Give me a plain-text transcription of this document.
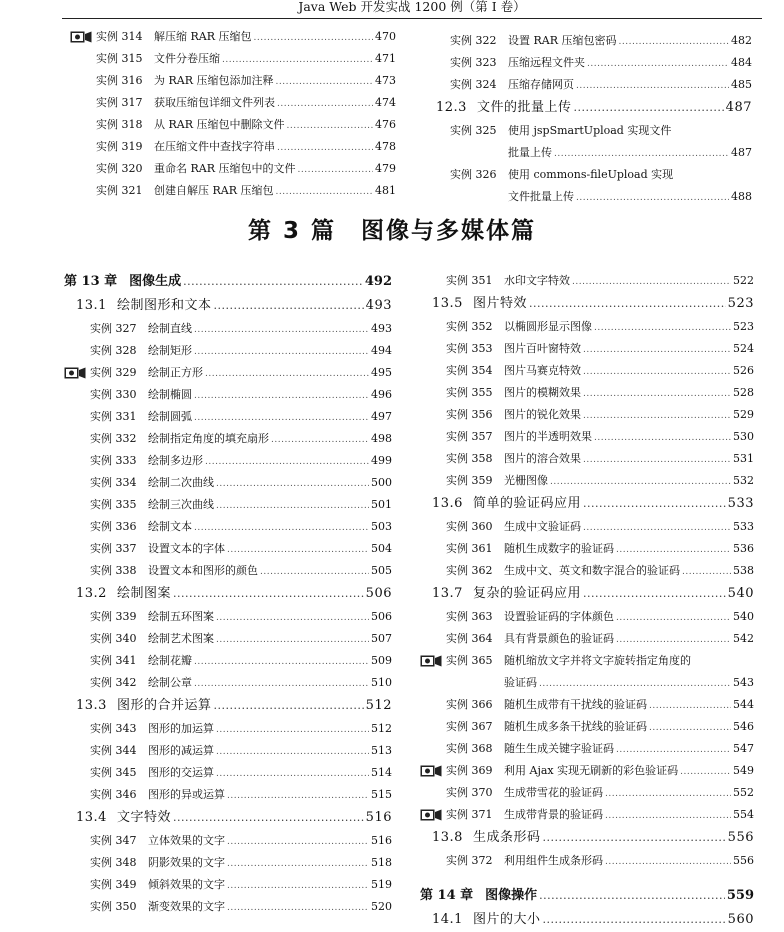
Java Web 开发实战 1200 例（第 I 卷）
实例 314	解压缩 RAR 压缩包 .....	470
实例 315	文件分卷压缩 .....	471
实例 316	为 RAR 压缩包添加注释 .....	473
实例 317	获取压缩包详细文件列表 .....	474
实例 318	从 RAR 压缩包中删除文件 .....	476
实例 319	在压缩文件中查找字符串 .....	478
实例 320	重命名 RAR 压缩包中的文件 .....	479
实例 321	创建自解压 RAR 压缩包 .....	481
实例 322	设置 RAR 压缩包密码 .....	482
实例 323	压缩远程文件夹 .....	484
实例 324	压缩存储网页 .....	485
12.3 文件的批量上传 .....	487
实例 325	使用 jspSmartUpload 实现文件
批量上传 .....	487
实例 326	使用 commons-fileUpload 实现
文件批量上传 .....	488
第 3 篇　图像与多媒体篇
第 13 章 图像生成 .....	492
13.1 绘制图形和文本 .....	493
实例 327	绘制直线 .....	493
实例 328	绘制矩形 .....	494
实例 329	绘制正方形 .....	495
实例 330	绘制椭圆 .....	496
实例 331	绘制圆弧 .....	497
实例 332	绘制指定角度的填充扇形 .....	498
实例 333	绘制多边形 .....	499
实例 334	绘制二次曲线 .....	500
实例 335	绘制三次曲线 .....	501
实例 336	绘制文本 .....	503
实例 337	设置文本的字体 .....	504
实例 338	设置文本和图形的颜色 .....	505
13.2 绘制图案 .....	506
实例 339	绘制五环图案 .....	506
实例 340	绘制艺术图案 .....	507
实例 341	绘制花瓣 .....	509
实例 342	绘制公章 .....	510
13.3 图形的合并运算 .....	512
实例 343	图形的加运算 .....	512
实例 344	图形的减运算 .....	513
实例 345	图形的交运算 .....	514
实例 346	图形的异或运算 .....	515
13.4 文字特效 .....	516
实例 347	立体效果的文字 .....	516
实例 348	阴影效果的文字 .....	518
实例 349	倾斜效果的文字 .....	519
实例 350	渐变效果的文字 .....	520
实例 351	水印文字特效 .....	522
13.5 图片特效 .....	523
实例 352	以椭圆形显示图像 .....	523
实例 353	图片百叶窗特效 .....	524
实例 354	图片马赛克特效 .....	526
实例 355	图片的模糊效果 .....	528
实例 356	图片的锐化效果 .....	529
实例 357	图片的半透明效果 .....	530
实例 358	图片的溶合效果 .....	531
实例 359	光栅图像 .....	532
13.6 简单的验证码应用 .....	533
实例 360	生成中文验证码 .....	533
实例 361	随机生成数字的验证码 .....	536
实例 362	生成中文、英文和数字混合的验证码 .....	538
13.7 复杂的验证码应用 .....	540
实例 363	设置验证码的字体颜色 .....	540
实例 364	具有背景颜色的验证码 .....	542
实例 365	随机缩放文字并将文字旋转指定角度的
验证码 .....	543
实例 366	随机生成带有干扰线的验证码 .....	544
实例 367	随机生成多条干扰线的验证码 .....	546
实例 368	随生生成关键字验证码 .....	547
实例 369	利用 Ajax 实现无刷新的彩色验证码 .....	549
实例 370	生成带雪花的验证码 .....	552
实例 371	生成带背景的验证码 .....	554
13.8 生成条形码 .....	556
实例 372	利用组件生成条形码 .....	556
第 14 章 图像操作 .....	559
14.1 图片的大小 .....	560
